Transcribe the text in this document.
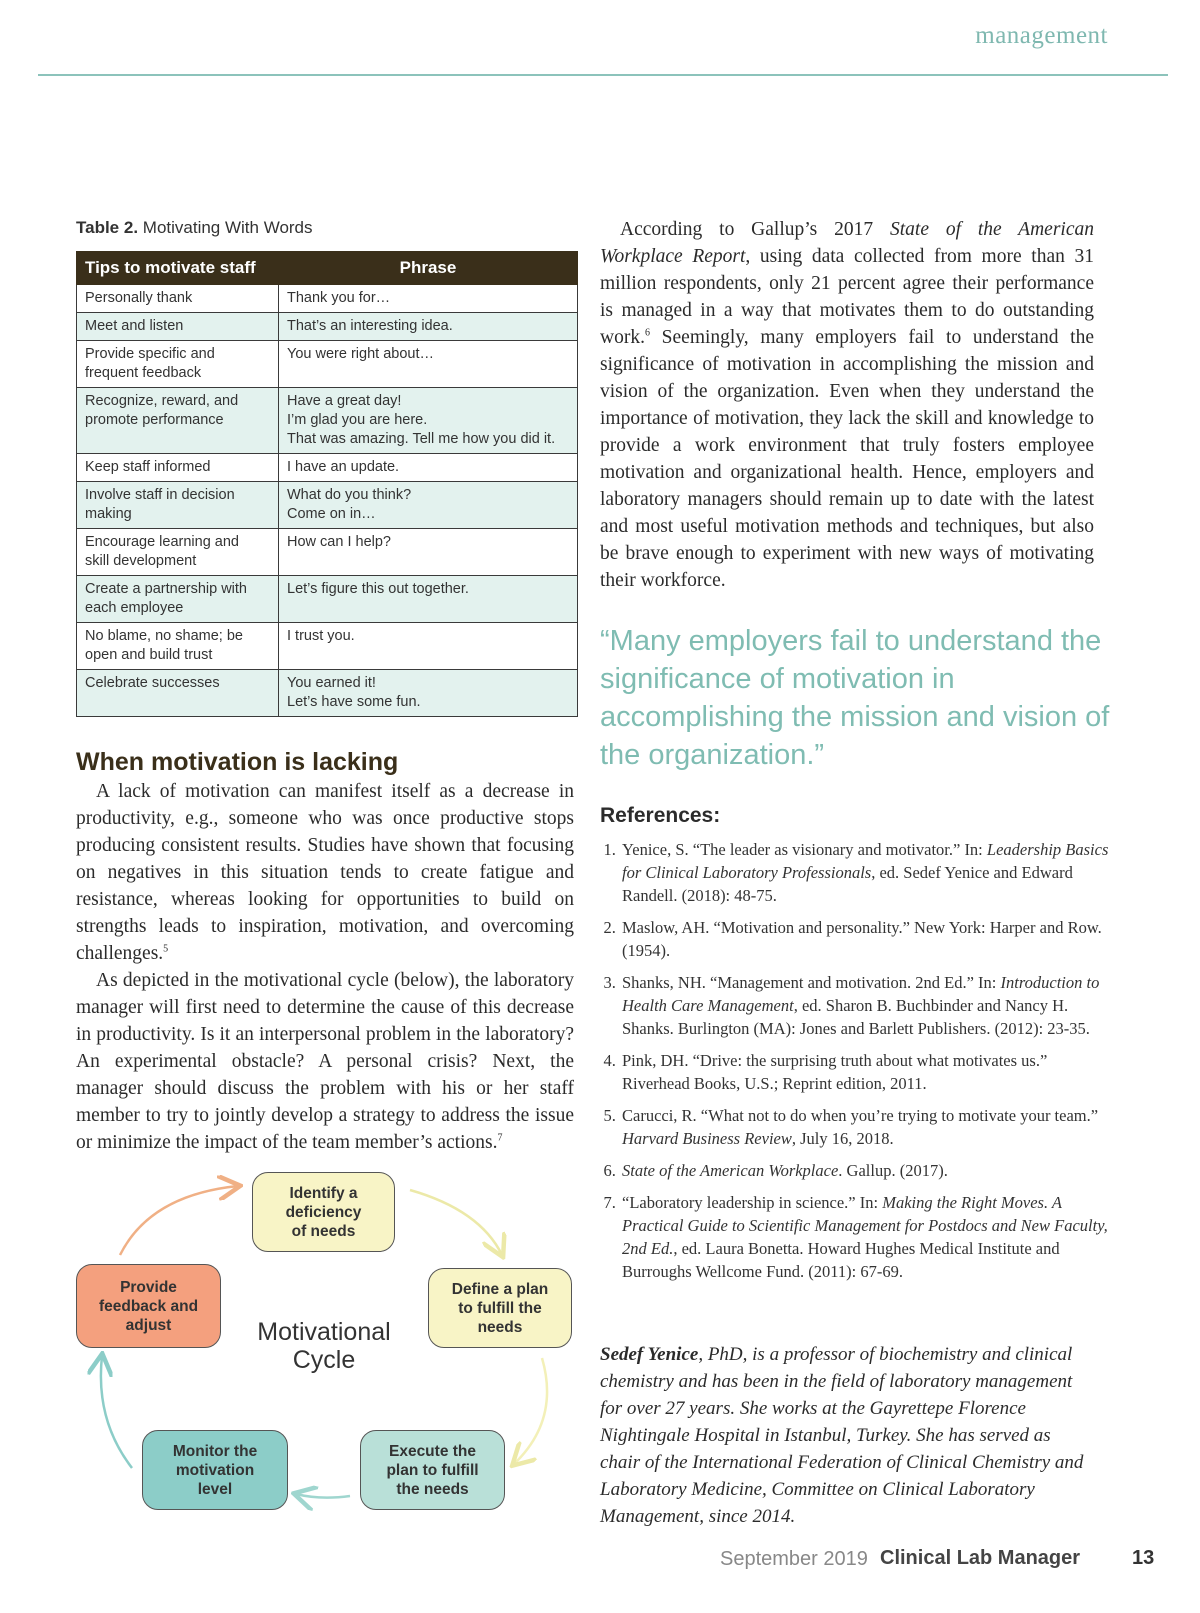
management
Table 2. Motivating With Words
Tips to motivate staff	Phrase
Personally thank	Thank you for…
Meet and listen	That’s an interesting idea.
Provide specific and
frequent feedback	You were right about…
Recognize, reward, and
promote performance	Have a great day!
I’m glad you are here.
That was amazing. Tell me how you did it.
Keep staff informed	I have an update.
Involve staff in decision
making	What do you think?
Come on in…
Encourage learning and
skill development	How can I help?
Create a partnership with
each employee	Let’s figure this out together.
No blame, no shame; be
open and build trust	I trust you.
Celebrate successes	You earned it!
Let’s have some fun.
When motivation is lacking

A lack of motivation can manifest itself as a decrease in productivity, e.g., someone who was once productive stops producing consistent results. Studies have shown that focusing on negatives in this situation tends to create fatigue and resistance, whereas looking for opportunities to build on strengths leads to inspiration, motivation, and overcoming challenges.$^5$

As depicted in the motivational cycle (below), the laboratory manager will first need to determine the cause of this decrease in productivity. Is it an interpersonal problem in the laboratory? An experimental obstacle? A personal crisis? Next, the manager should discuss the problem with his or her staff member to try to jointly develop a strategy to address the issue or minimize the impact of the team member’s actions.$^7$

Identify a
deficiency
of needs
Define a plan
to fulfill the
needs
Execute the
plan to fulfill
the needs
Monitor the
motivation
level
Provide
feedback and
adjust	Motivational
Cycle

According to Gallup’s 2017 State of the American Workplace Report, using data collected from more than 31 million respondents, only 21 percent agree their performance is managed in a way that motivates them to do outstanding work.$^6$ Seemingly, many employers fail to understand the significance of motivation in accomplishing the mission and vision of the organization. Even when they understand the importance of motivation, they lack the skill and knowledge to provide a work environment that truly fosters employee motivation and organizational health. Hence, employers and laboratory managers should remain up to date with the latest and most useful motivation methods and techniques, but also be brave enough to experiment with new ways of motivating their workforce.

“Many employers fail to understand the significance of motivation in accomplishing the mission and vision of the organization.”
References:
1. Yenice, S. “The leader as visionary and motivator.” In: Leadership Basics for Clinical Laboratory Professionals, ed. Sedef Yenice and Edward Randell. (2018): 48-75.
2. Maslow, AH. “Motivation and personality.” New York: Harper and Row. (1954).
3. Shanks, NH. “Management and motivation. 2nd Ed.” In: Introduction to Health Care Management, ed. Sharon B. Buchbinder and Nancy H. Shanks. Burlington (MA): Jones and Barlett Publishers. (2012): 23-35.
4. Pink, DH. “Drive: the surprising truth about what motivates us.” Riverhead Books, U.S.; Reprint edition, 2011.
5. Carucci, R. “What not to do when you’re trying to motivate your team.” Harvard Business Review, July 16, 2018.
6. State of the American Workplace. Gallup. (2017).
7. “Laboratory leadership in science.” In: Making the Right Moves. A Practical Guide to Scientific Management for Postdocs and New Faculty, 2nd Ed., ed. Laura Bonetta. Howard Hughes Medical Institute and Burroughs Wellcome Fund. (2011): 67-69.
Sedef Yenice, PhD, is a professor of biochemistry and clinical chemistry and has been in the field of laboratory management for over 27 years. She works at the Gayrettepe Florence Nightingale Hospital in Istanbul, Turkey. She has served as chair of the International Federation of Clinical Chemistry and Laboratory Medicine, Committee on Clinical Laboratory Management, since 2014.
September 2019 Clinical Lab Manager	13
